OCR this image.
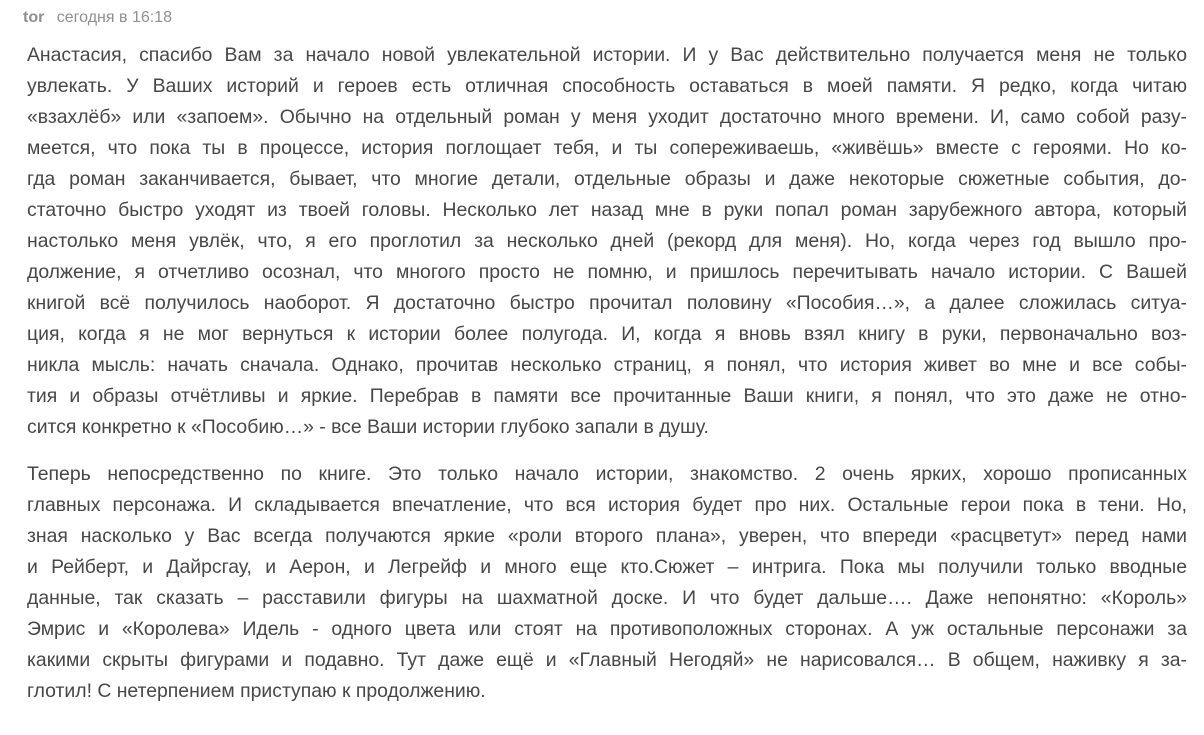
tor сегодня в 16:18
Анастасия, спасибо Вам за начало новой увлекательной истории. И у Вас действительно получается меня не только
увлекать. У Ваших историй и героев есть отличная способность оставаться в моей памяти. Я редко, когда читаю
«взахлёб» или «запоем». Обычно на отдельный роман у меня уходит достаточно много времени. И, само собой разу-
меется, что пока ты в процессе, история поглощает тебя, и ты сопереживаешь, «живёшь» вместе с героями. Но ко-
гда роман заканчивается, бывает, что многие детали, отдельные образы и даже некоторые сюжетные события, до-
статочно быстро уходят из твоей головы. Несколько лет назад мне в руки попал роман зарубежного автора, который
настолько меня увлёк, что, я его проглотил за несколько дней (рекорд для меня). Но, когда через год вышло про-
должение, я отчетливо осознал, что многого просто не помню, и пришлось перечитывать начало истории. С Вашей
книгой всё получилось наоборот. Я достаточно быстро прочитал половину «Пособия…», а далее сложилась ситуа-
ция, когда я не мог вернуться к истории более полугода. И, когда я вновь взял книгу в руки, первоначально воз-
никла мысль: начать сначала. Однако, прочитав несколько страниц, я понял, что история живет во мне и все собы-
тия и образы отчётливы и яркие. Перебрав в памяти все прочитанные Ваши книги, я понял, что это даже не отно-
сится конкретно к «Пособию…» - все Ваши истории глубоко запали в душу.
Теперь непосредственно по книге. Это только начало истории, знакомство. 2 очень ярких, хорошо прописанных
главных персонажа. И складывается впечатление, что вся история будет про них. Остальные герои пока в тени. Но,
зная насколько у Вас всегда получаются яркие «роли второго плана», уверен, что впереди «расцветут» перед нами
и Рейберт, и Дайрсгау, и Аерон, и Легрейф и много еще кто.Сюжет – интрига. Пока мы получили только вводные
данные, так сказать – расставили фигуры на шахматной доске. И что будет дальше…. Даже непонятно: «Король»
Эмрис и «Королева» Идель - одного цвета или стоят на противоположных сторонах. А уж остальные персонажи за
какими скрыты фигурами и подавно. Тут даже ещё и «Главный Негодяй» не нарисовался… В общем, наживку я за-
глотил! С нетерпением приступаю к продолжению.
